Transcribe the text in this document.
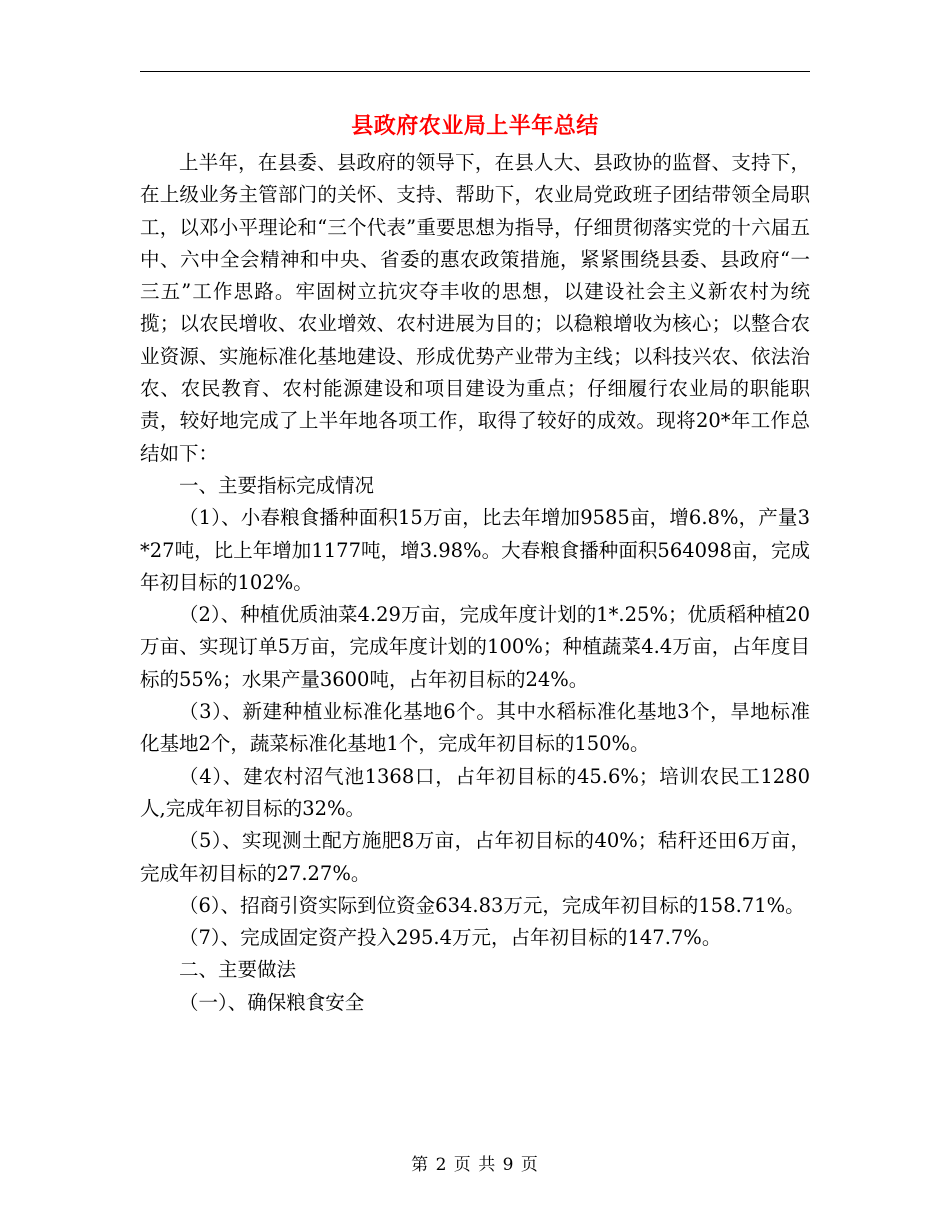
县政府农业局上半年总结

上半年，在县委、县政府的领导下，在县人大、县政协的监督、支持下，在上级业务主管部门的关怀、支持、帮助下，农业局党政班子团结带领全局职工，以邓小平理论和“三个代表”重要思想为指导，仔细贯彻落实党的十六届五中、六中全会精神和中央、省委的惠农政策措施，紧紧围绕县委、县政府“一三五”工作思路。牢固树立抗灾夺丰收的思想，以建设社会主义新农村为统揽；以农民增收、农业增效、农村进展为目的；以稳粮增收为核心；以整合农业资源、实施标准化基地建设、形成优势产业带为主线；以科技兴农、依法治农、农民教育、农村能源建设和项目建设为重点；仔细履行农业局的职能职责，较好地完成了上半年地各项工作，取得了较好的成效。现将20*年工作总结如下：

一、主要指标完成情况

（1）、小春粮食播种面积15万亩，比去年增加9585亩，增6.8%，产量3*27吨，比上年增加1177吨，增3.98%。大春粮食播种面积564098亩，完成年初目标的102%。

（2）、种植优质油菜4.29万亩，完成年度计划的1*.25%；优质稻种植20万亩、实现订单5万亩，完成年度计划的100%；种植蔬菜4.4万亩，占年度目标的55%；水果产量3600吨，占年初目标的24%。

（3）、新建种植业标准化基地6个。其中水稻标准化基地3个，旱地标准化基地2个，蔬菜标准化基地1个，完成年初目标的150%。

（4）、建农村沼气池1368口，占年初目标的45.6%；培训农民工1280人,完成年初目标的32%。

（5）、实现测土配方施肥8万亩，占年初目标的40%；秸秆还田6万亩，完成年初目标的27.27%。

（6）、招商引资实际到位资金634.83万元，完成年初目标的158.71%。

（7）、完成固定资产投入295.4万元，占年初目标的147.7%。

二、主要做法

（一）、确保粮食安全

第 2 页 共 9 页
